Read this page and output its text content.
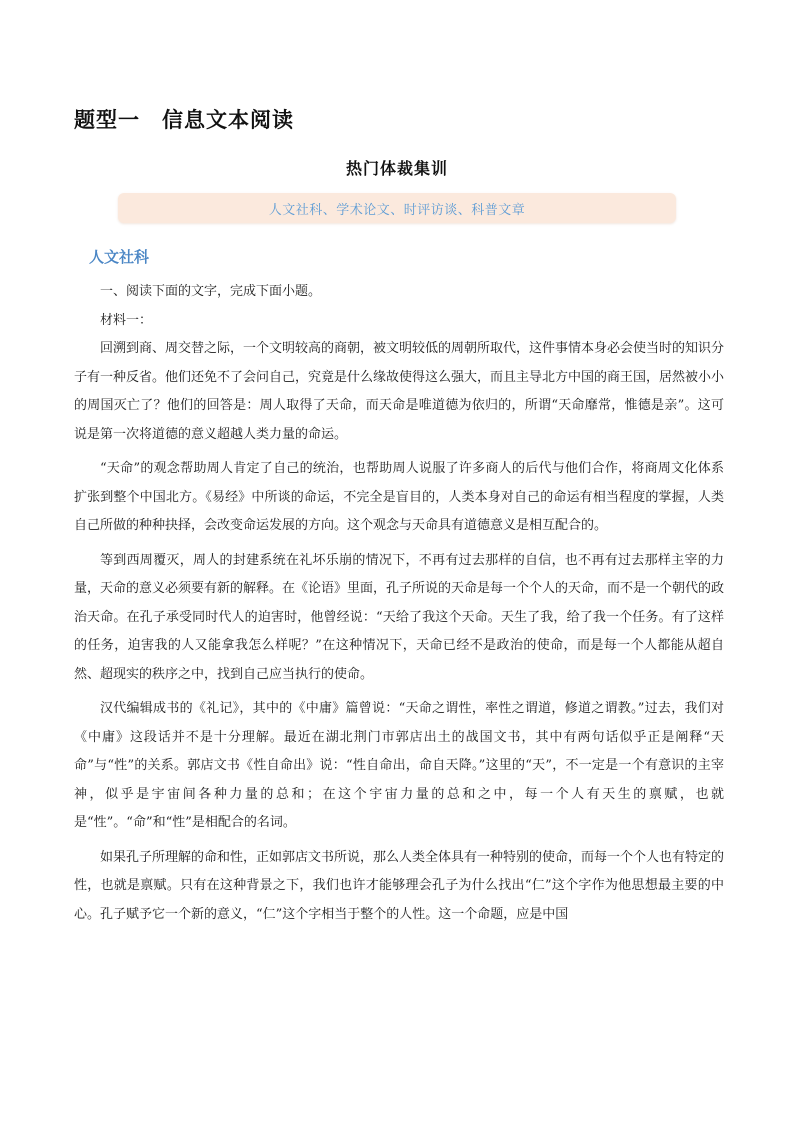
题型一　信息文本阅读
热门体裁集训
人文社科、学术论文、时评访谈、科普文章
人文社科

一、阅读下面的文字，完成下面小题。

材料一：

回溯到商、周交替之际，一个文明较高的商朝，被文明较低的周朝所取代，这件事情本身必会使当时的知识分子有一种反省。他们还免不了会问自己，究竟是什么缘故使得这么强大，而且主导北方中国的商王国，居然被小小的周国灭亡了？他们的回答是：周人取得了天命，而天命是唯道德为依归的，所谓“天命靡常，惟德是亲”。这可说是第一次将道德的意义超越人类力量的命运。

“天命”的观念帮助周人肯定了自己的统治，也帮助周人说服了许多商人的后代与他们合作，将商周文化体系扩张到整个中国北方。《易经》中所谈的命运，不完全是盲目的，人类本身对自己的命运有相当程度的掌握，人类自己所做的种种抉择，会改变命运发展的方向。这个观念与天命具有道德意义是相互配合的。

等到西周覆灭，周人的封建系统在礼坏乐崩的情况下，不再有过去那样的自信，也不再有过去那样主宰的力量，天命的意义必须要有新的解释。在《论语》里面，孔子所说的天命是每一个个人的天命，而不是一个朝代的政治天命。在孔子承受同时代人的迫害时，他曾经说：“天给了我这个天命。天生了我，给了我一个任务。有了这样的任务，迫害我的人又能拿我怎么样呢？”在这种情况下，天命已经不是政治的使命，而是每一个人都能从超自然、超现实的秩序之中，找到自己应当执行的使命。

汉代编辑成书的《礼记》，其中的《中庸》篇曾说：“天命之谓性，率性之谓道，修道之谓教。”过去，我们对《中庸》这段话并不是十分理解。最近在湖北荆门市郭店出土的战国文书，其中有两句话似乎正是阐释“天命”与“性”的关系。郭店文书《性自命出》说：“性自命出，命自天降。”这里的“天”，不一定是一个有意识的主宰神，似乎是宇宙间各种力量的总和；在这个宇宙力量的总和之中，每一个人有天生的禀赋，也就是“性”。“命”和“性”是相配合的名词。

如果孔子所理解的命和性，正如郭店文书所说，那么人类全体具有一种特别的使命，而每一个个人也有特定的性，也就是禀赋。只有在这种背景之下，我们也许才能够理会孔子为什么找出“仁”这个字作为他思想最主要的中心。孔子赋予它一个新的意义，“仁”这个字相当于整个的人性。这一个命题，应是中国
